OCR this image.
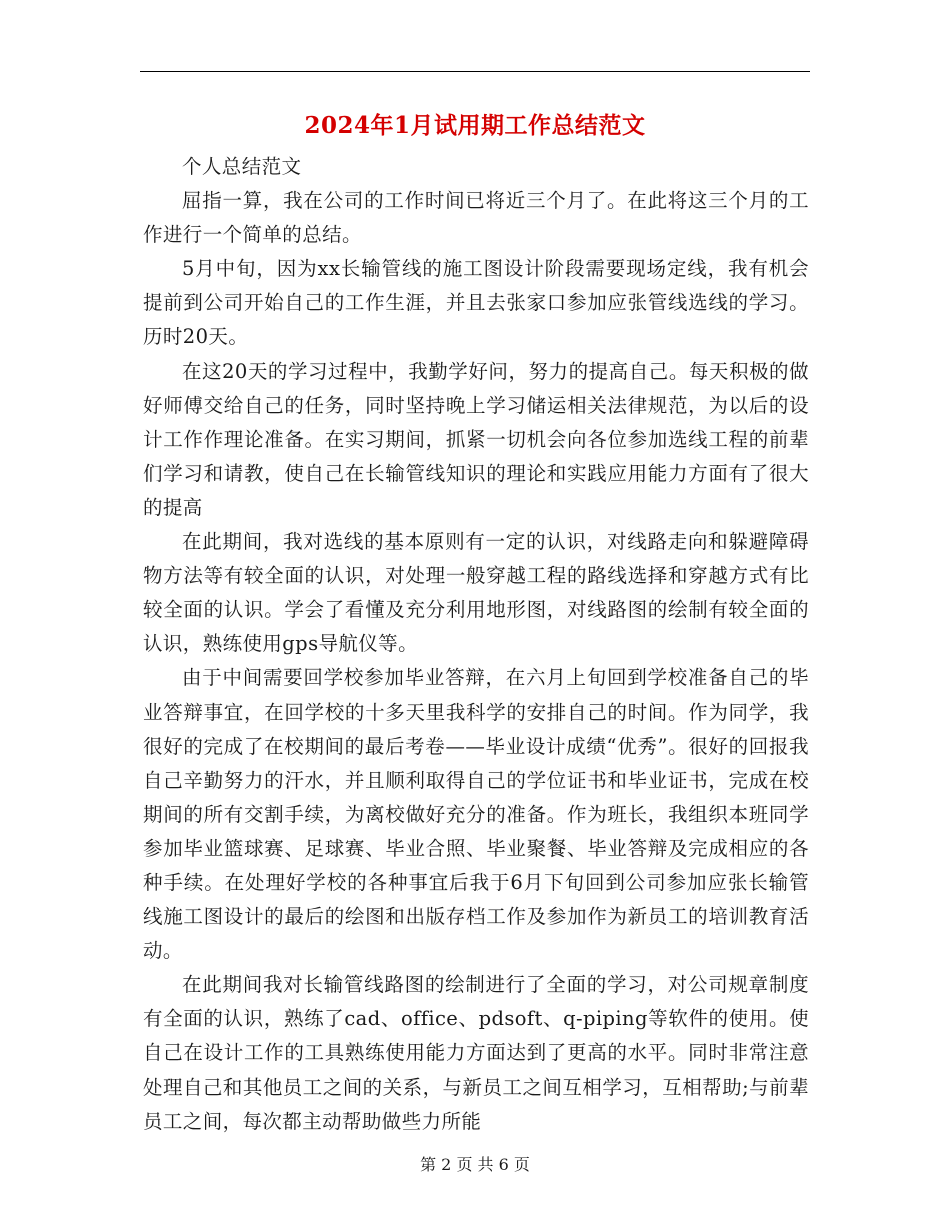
2024年1月试用期工作总结范文

个人总结范文

屈指一算，我在公司的工作时间已将近三个月了。在此将这三个月的工作进行一个简单的总结。

5月中旬，因为xx长输管线的施工图设计阶段需要现场定线，我有机会提前到公司开始自己的工作生涯，并且去张家口参加应张管线选线的学习。历时20天。

在这20天的学习过程中，我勤学好问，努力的提高自己。每天积极的做好师傅交给自己的任务，同时坚持晚上学习储运相关法律规范，为以后的设计工作作理论准备。在实习期间，抓紧一切机会向各位参加选线工程的前辈们学习和请教，使自己在长输管线知识的理论和实践应用能力方面有了很大的提高

在此期间，我对选线的基本原则有一定的认识，对线路走向和躲避障碍物方法等有较全面的认识，对处理一般穿越工程的路线选择和穿越方式有比较全面的认识。学会了看懂及充分利用地形图，对线路图的绘制有较全面的认识，熟练使用gps导航仪等。

由于中间需要回学校参加毕业答辩，在六月上旬回到学校准备自己的毕业答辩事宜，在回学校的十多天里我科学的安排自己的时间。作为同学，我很好的完成了在校期间的最后考卷——毕业设计成绩“优秀”。很好的回报我自己辛勤努力的汗水，并且顺利取得自己的学位证书和毕业证书，完成在校期间的所有交割手续，为离校做好充分的准备。作为班长，我组织本班同学参加毕业篮球赛、足球赛、毕业合照、毕业聚餐、毕业答辩及完成相应的各种手续。在处理好学校的各种事宜后我于6月下旬回到公司参加应张长输管线施工图设计的最后的绘图和出版存档工作及参加作为新员工的培训教育活动。

在此期间我对长输管线路图的绘制进行了全面的学习，对公司规章制度有全面的认识，熟练了cad、office、pdsoft、q-piping等软件的使用。使自己在设计工作的工具熟练使用能力方面达到了更高的水平。同时非常注意处理自己和其他员工之间的关系，与新员工之间互相学习，互相帮助;与前辈员工之间，每次都主动帮助做些力所能

第 2 页 共 6 页
